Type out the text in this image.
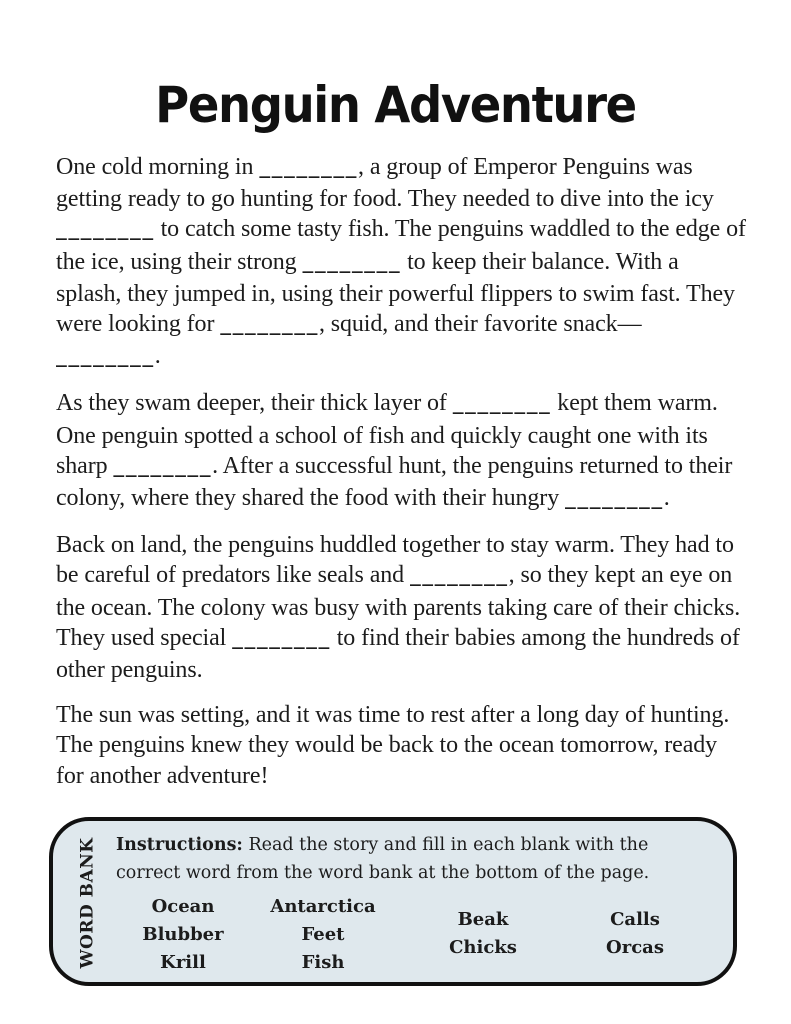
Penguin Adventure

One cold morning in ________, a group of Emperor Penguins was getting ready to go hunting for food. They needed to dive into the icy ________ to catch some tasty fish. The penguins waddled to the edge of the ice, using their strong ________ to keep their balance. With a splash, they jumped in, using their powerful flippers to swim fast. They were looking for ________, squid, and their favorite snack—________.

As they swam deeper, their thick layer of ________ kept them warm. One penguin spotted a school of fish and quickly caught one with its sharp ________. After a successful hunt, the penguins returned to their colony, where they shared the food with their hungry ________.

Back on land, the penguins huddled together to stay warm. They had to be careful of predators like seals and ________, so they kept an eye on the ocean. The colony was busy with parents taking care of their chicks. They used special ________ to find their babies among the hundreds of other penguins.

The sun was setting, and it was time to rest after a long day of hunting. The penguins knew they would be back to the ocean tomorrow, ready for another adventure!

WORD BANK Instructions: Read the story and fill in each blank with the correct word from the word bank at the bottom of the page.
Ocean
Blubber
Krill
Antarctica
Feet
Fish
Beak
Chicks
Calls
Orcas
